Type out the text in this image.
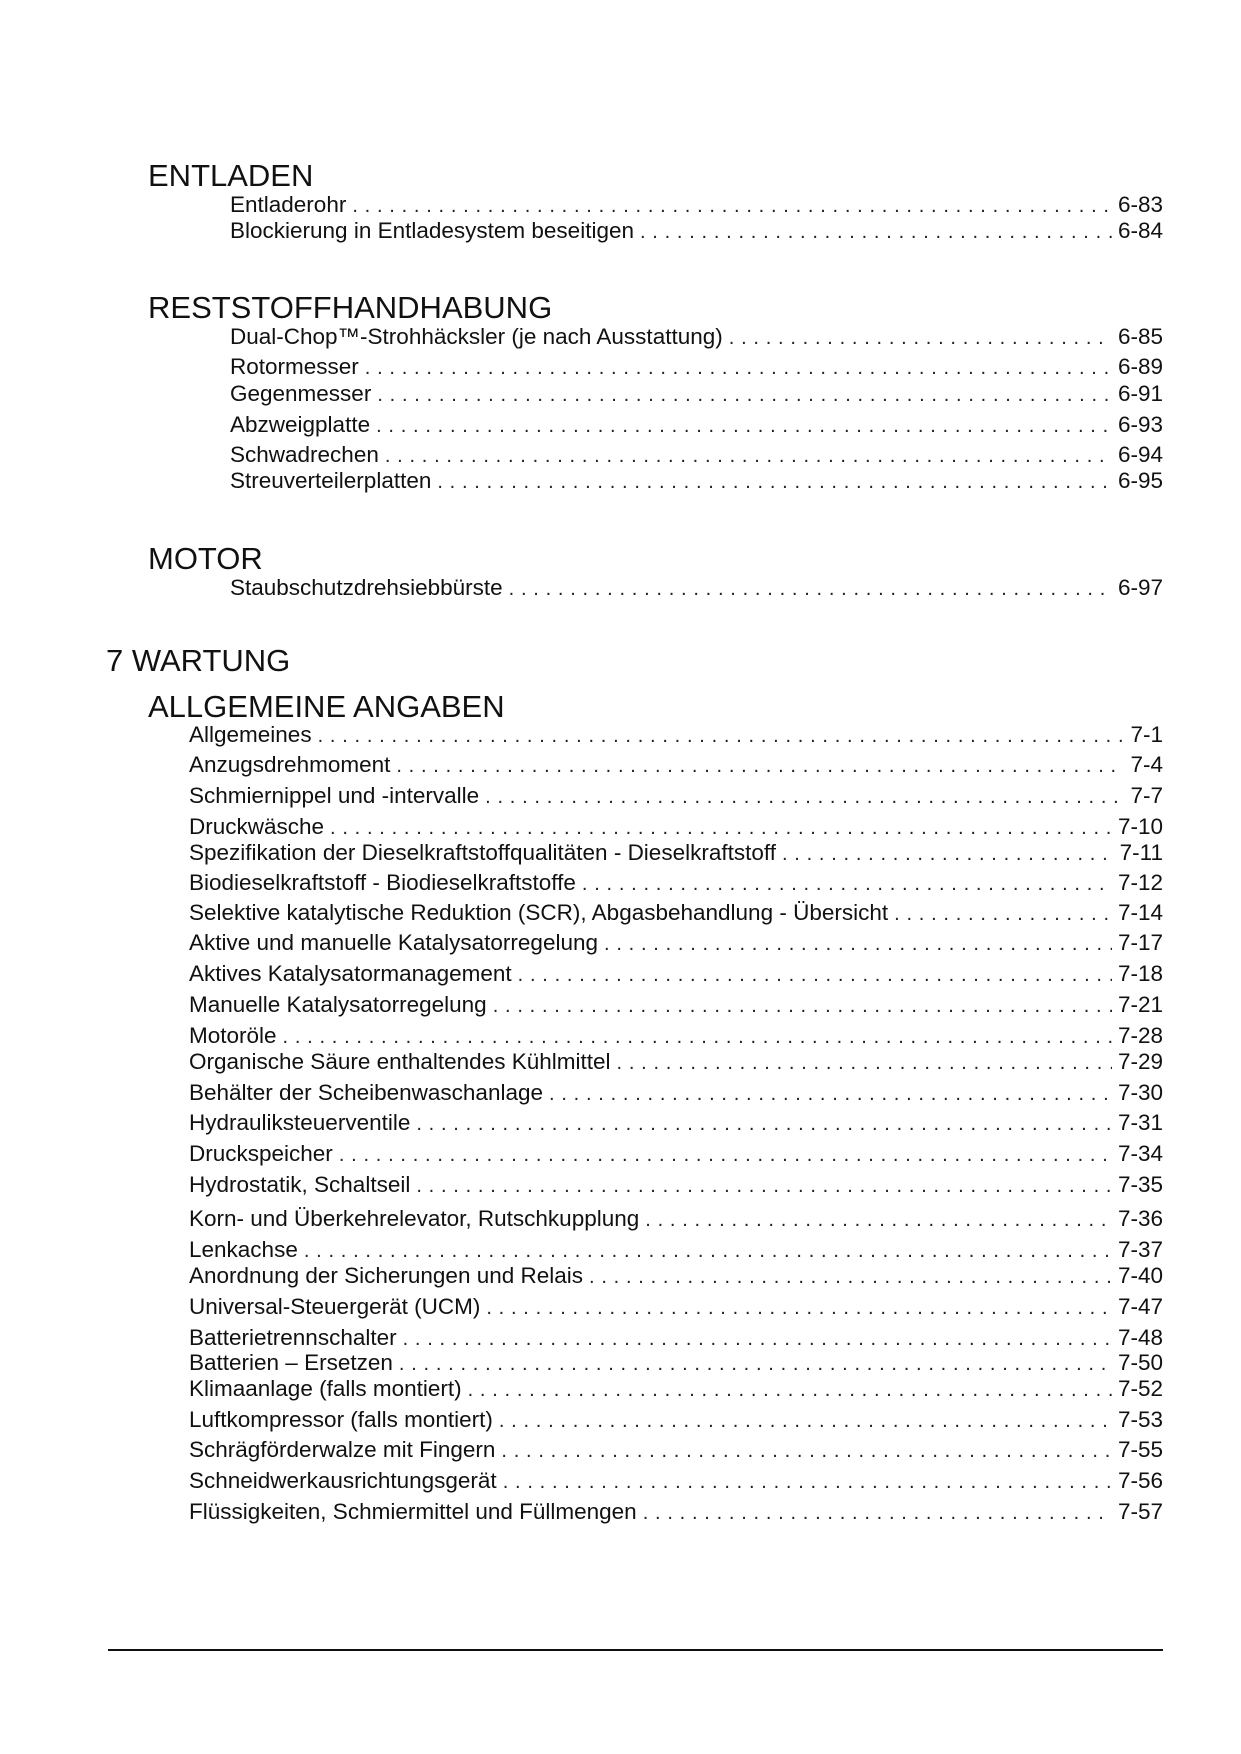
ENTLADEN
Entladerohr . . .	6-83
Blockierung in Entladesystem beseitigen . . .	6-84
RESTSTOFFHANDHABUNG
Dual-Chop™-Strohhäcksler (je nach Ausstattung) . . .	6-85
Rotormesser . . .	6-89
Gegenmesser . . .	6-91
Abzweigplatte . . .	6-93
Schwadrechen . . .	6-94
Streuverteilerplatten . . .	6-95
MOTOR
Staubschutzdrehsiebbürste . . .	6-97
7 WARTUNG
ALLGEMEINE ANGABEN
Allgemeines . . .	7-1
Anzugsdrehmoment . . .	7-4
Schmiernippel und -intervalle . . .	7-7
Druckwäsche . . .	7-10
Spezifikation der Dieselkraftstoffqualitäten - Dieselkraftstoff . . .	7-11
Biodieselkraftstoff - Biodieselkraftstoffe . . .	7-12
Selektive katalytische Reduktion (SCR), Abgasbehandlung - Übersicht . . .	7-14
Aktive und manuelle Katalysatorregelung . . .	7-17
Aktives Katalysatormanagement . . .	7-18
Manuelle Katalysatorregelung . . .	7-21
Motoröle . . .	7-28
Organische Säure enthaltendes Kühlmittel . . .	7-29
Behälter der Scheibenwaschanlage . . .	7-30
Hydrauliksteuerventile . . .	7-31
Druckspeicher . . .	7-34
Hydrostatik, Schaltseil . . .	7-35
Korn- und Überkehrelevator, Rutschkupplung . . .	7-36
Lenkachse . . .	7-37
Anordnung der Sicherungen und Relais . . .	7-40
Universal-Steuergerät (UCM) . . .	7-47
Batterietrennschalter . . .	7-48
Batterien – Ersetzen . . .	7-50
Klimaanlage (falls montiert) . . .	7-52
Luftkompressor (falls montiert) . . .	7-53
Schrägförderwalze mit Fingern . . .	7-55
Schneidwerkausrichtungsgerät . . .	7-56
Flüssigkeiten, Schmiermittel und Füllmengen . . .	7-57
